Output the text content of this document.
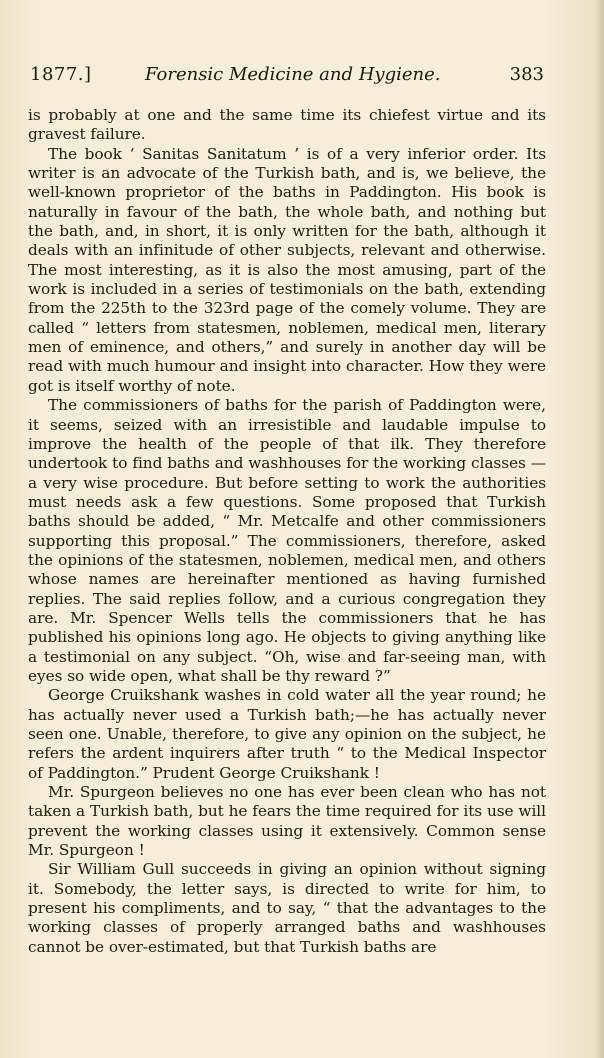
1877.]	Forensic Medicine and Hygiene.	383

is probably at one and the same time its chiefest virtue and its gravest failure.

The book ‘ Sanitas Sanitatum ’ is of a very inferior order. Its writer is an advocate of the Turkish bath, and is, we believe, the well-known proprietor of the baths in Paddington. His book is naturally in favour of the bath, the whole bath, and nothing but the bath, and, in short, it is only written for the bath, although it deals with an infinitude of other subjects, relevant and otherwise. The most interesting, as it is also the most amusing, part of the work is included in a series of testimonials on the bath, extending from the 225th to the 323rd page of the comely volume. They are called “ letters from statesmen, noblemen, medical men, literary men of eminence, and others,” and surely in another day will be read with much humour and insight into character. How they were got is itself worthy of note.

The commissioners of baths for the parish of Paddington were, it seems, seized with an irresistible and laudable impulse to improve the health of the people of that ilk. They therefore undertook to find baths and washhouses for the working classes —a very wise procedure. But before setting to work the authorities must needs ask a few questions. Some proposed that Turkish baths should be added, “ Mr. Metcalfe and other commissioners supporting this proposal.” The commissioners, therefore, asked the opinions of the statesmen, noblemen, medical men, and others whose names are hereinafter mentioned as having furnished replies. The said replies follow, and a curious congregation they are. Mr. Spencer Wells tells the commissioners that he has published his opinions long ago. He objects to giving anything like a testimonial on any subject. “Oh, wise and far-seeing man, with eyes so wide open, what shall be thy reward ?”

George Cruikshank washes in cold water all the year round; he has actually never used a Turkish bath;—he has actually never seen one. Unable, therefore, to give any opinion on the subject, he refers the ardent inquirers after truth “ to the Medical Inspector of Paddington.” Prudent George Cruikshank !

Mr. Spurgeon believes no one has ever been clean who has not taken a Turkish bath, but he fears the time required for its use will prevent the working classes using it extensively. Common sense Mr. Spurgeon !

Sir William Gull succeeds in giving an opinion without signing it. Somebody, the letter says, is directed to write for him, to present his compliments, and to say, “ that the advantages to the working classes of properly arranged baths and washhouses cannot be over-estimated, but that Turkish baths are
